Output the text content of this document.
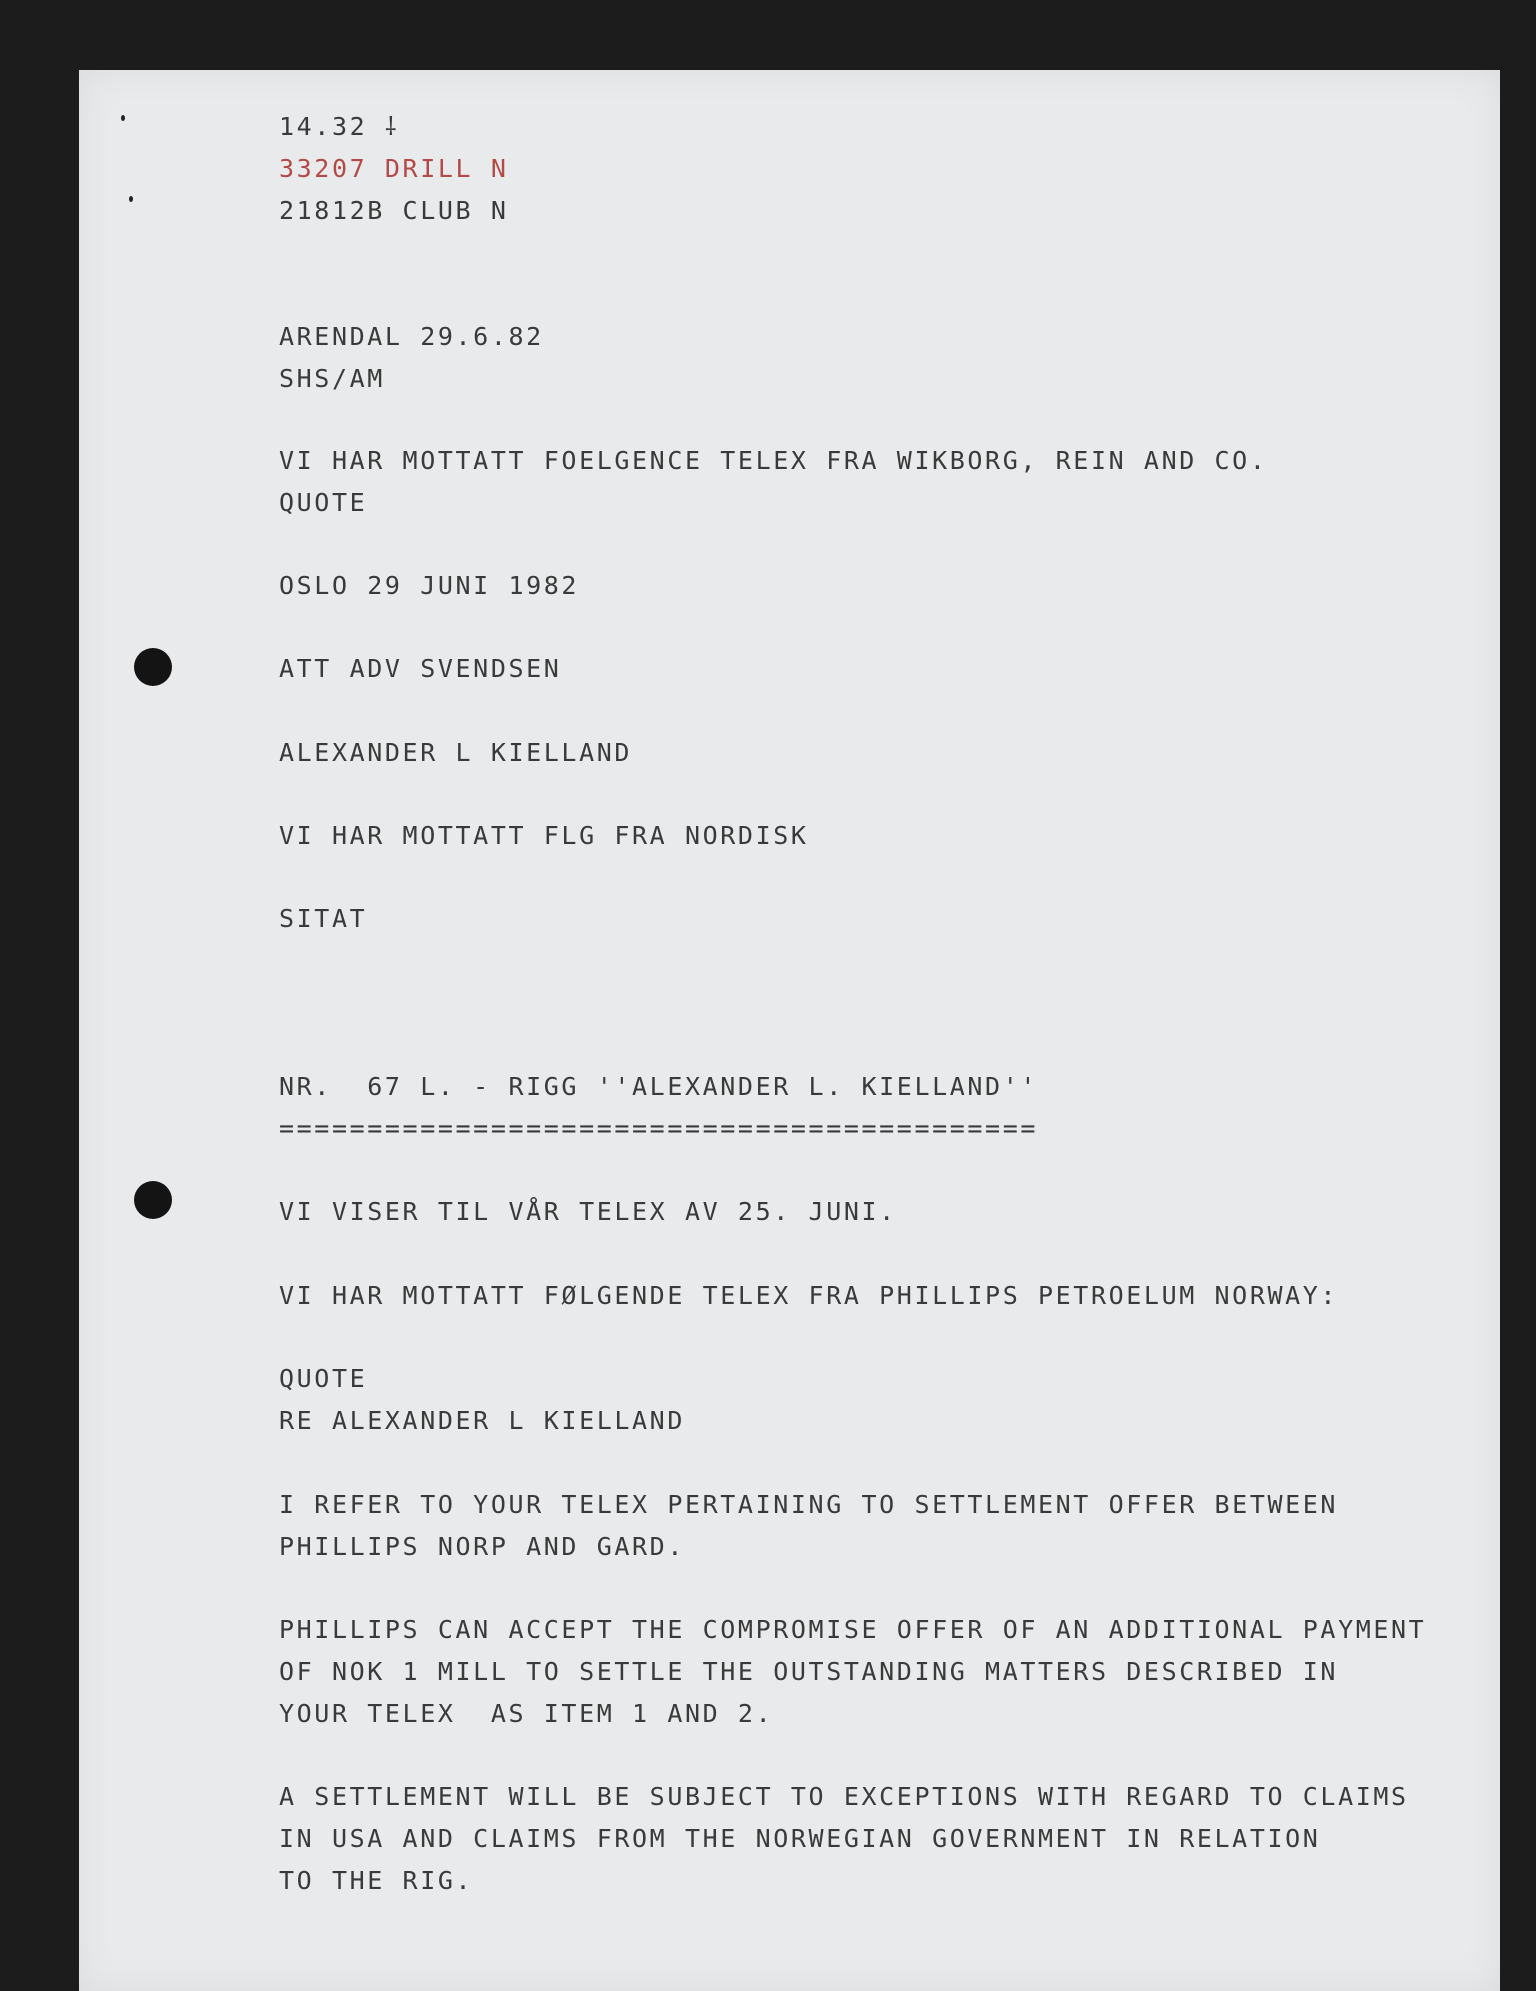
14.32 ⸸

33207 DRILL N

21812B CLUB N

ARENDAL 29.6.82

SHS/AM

VI HAR MOTTATT FOELGENCE TELEX FRA WIKBORG, REIN AND CO.

QUOTE

OSLO 29 JUNI 1982

ATT ADV SVENDSEN

ALEXANDER L KIELLAND

VI HAR MOTTATT FLG FRA NORDISK

SITAT

NR.  67 L. - RIGG ''ALEXANDER L. KIELLAND''

===========================================

VI VISER TIL VÅR TELEX AV 25. JUNI.

VI HAR MOTTATT FØLGENDE TELEX FRA PHILLIPS PETROELUM NORWAY:

QUOTE

RE ALEXANDER L KIELLAND

I REFER TO YOUR TELEX PERTAINING TO SETTLEMENT OFFER BETWEEN

PHILLIPS NORP AND GARD.

PHILLIPS CAN ACCEPT THE COMPROMISE OFFER OF AN ADDITIONAL PAYMENT

OF NOK 1 MILL TO SETTLE THE OUTSTANDING MATTERS DESCRIBED IN

YOUR TELEX  AS ITEM 1 AND 2.

A SETTLEMENT WILL BE SUBJECT TO EXCEPTIONS WITH REGARD TO CLAIMS

IN USA AND CLAIMS FROM THE NORWEGIAN GOVERNMENT IN RELATION

TO THE RIG.
